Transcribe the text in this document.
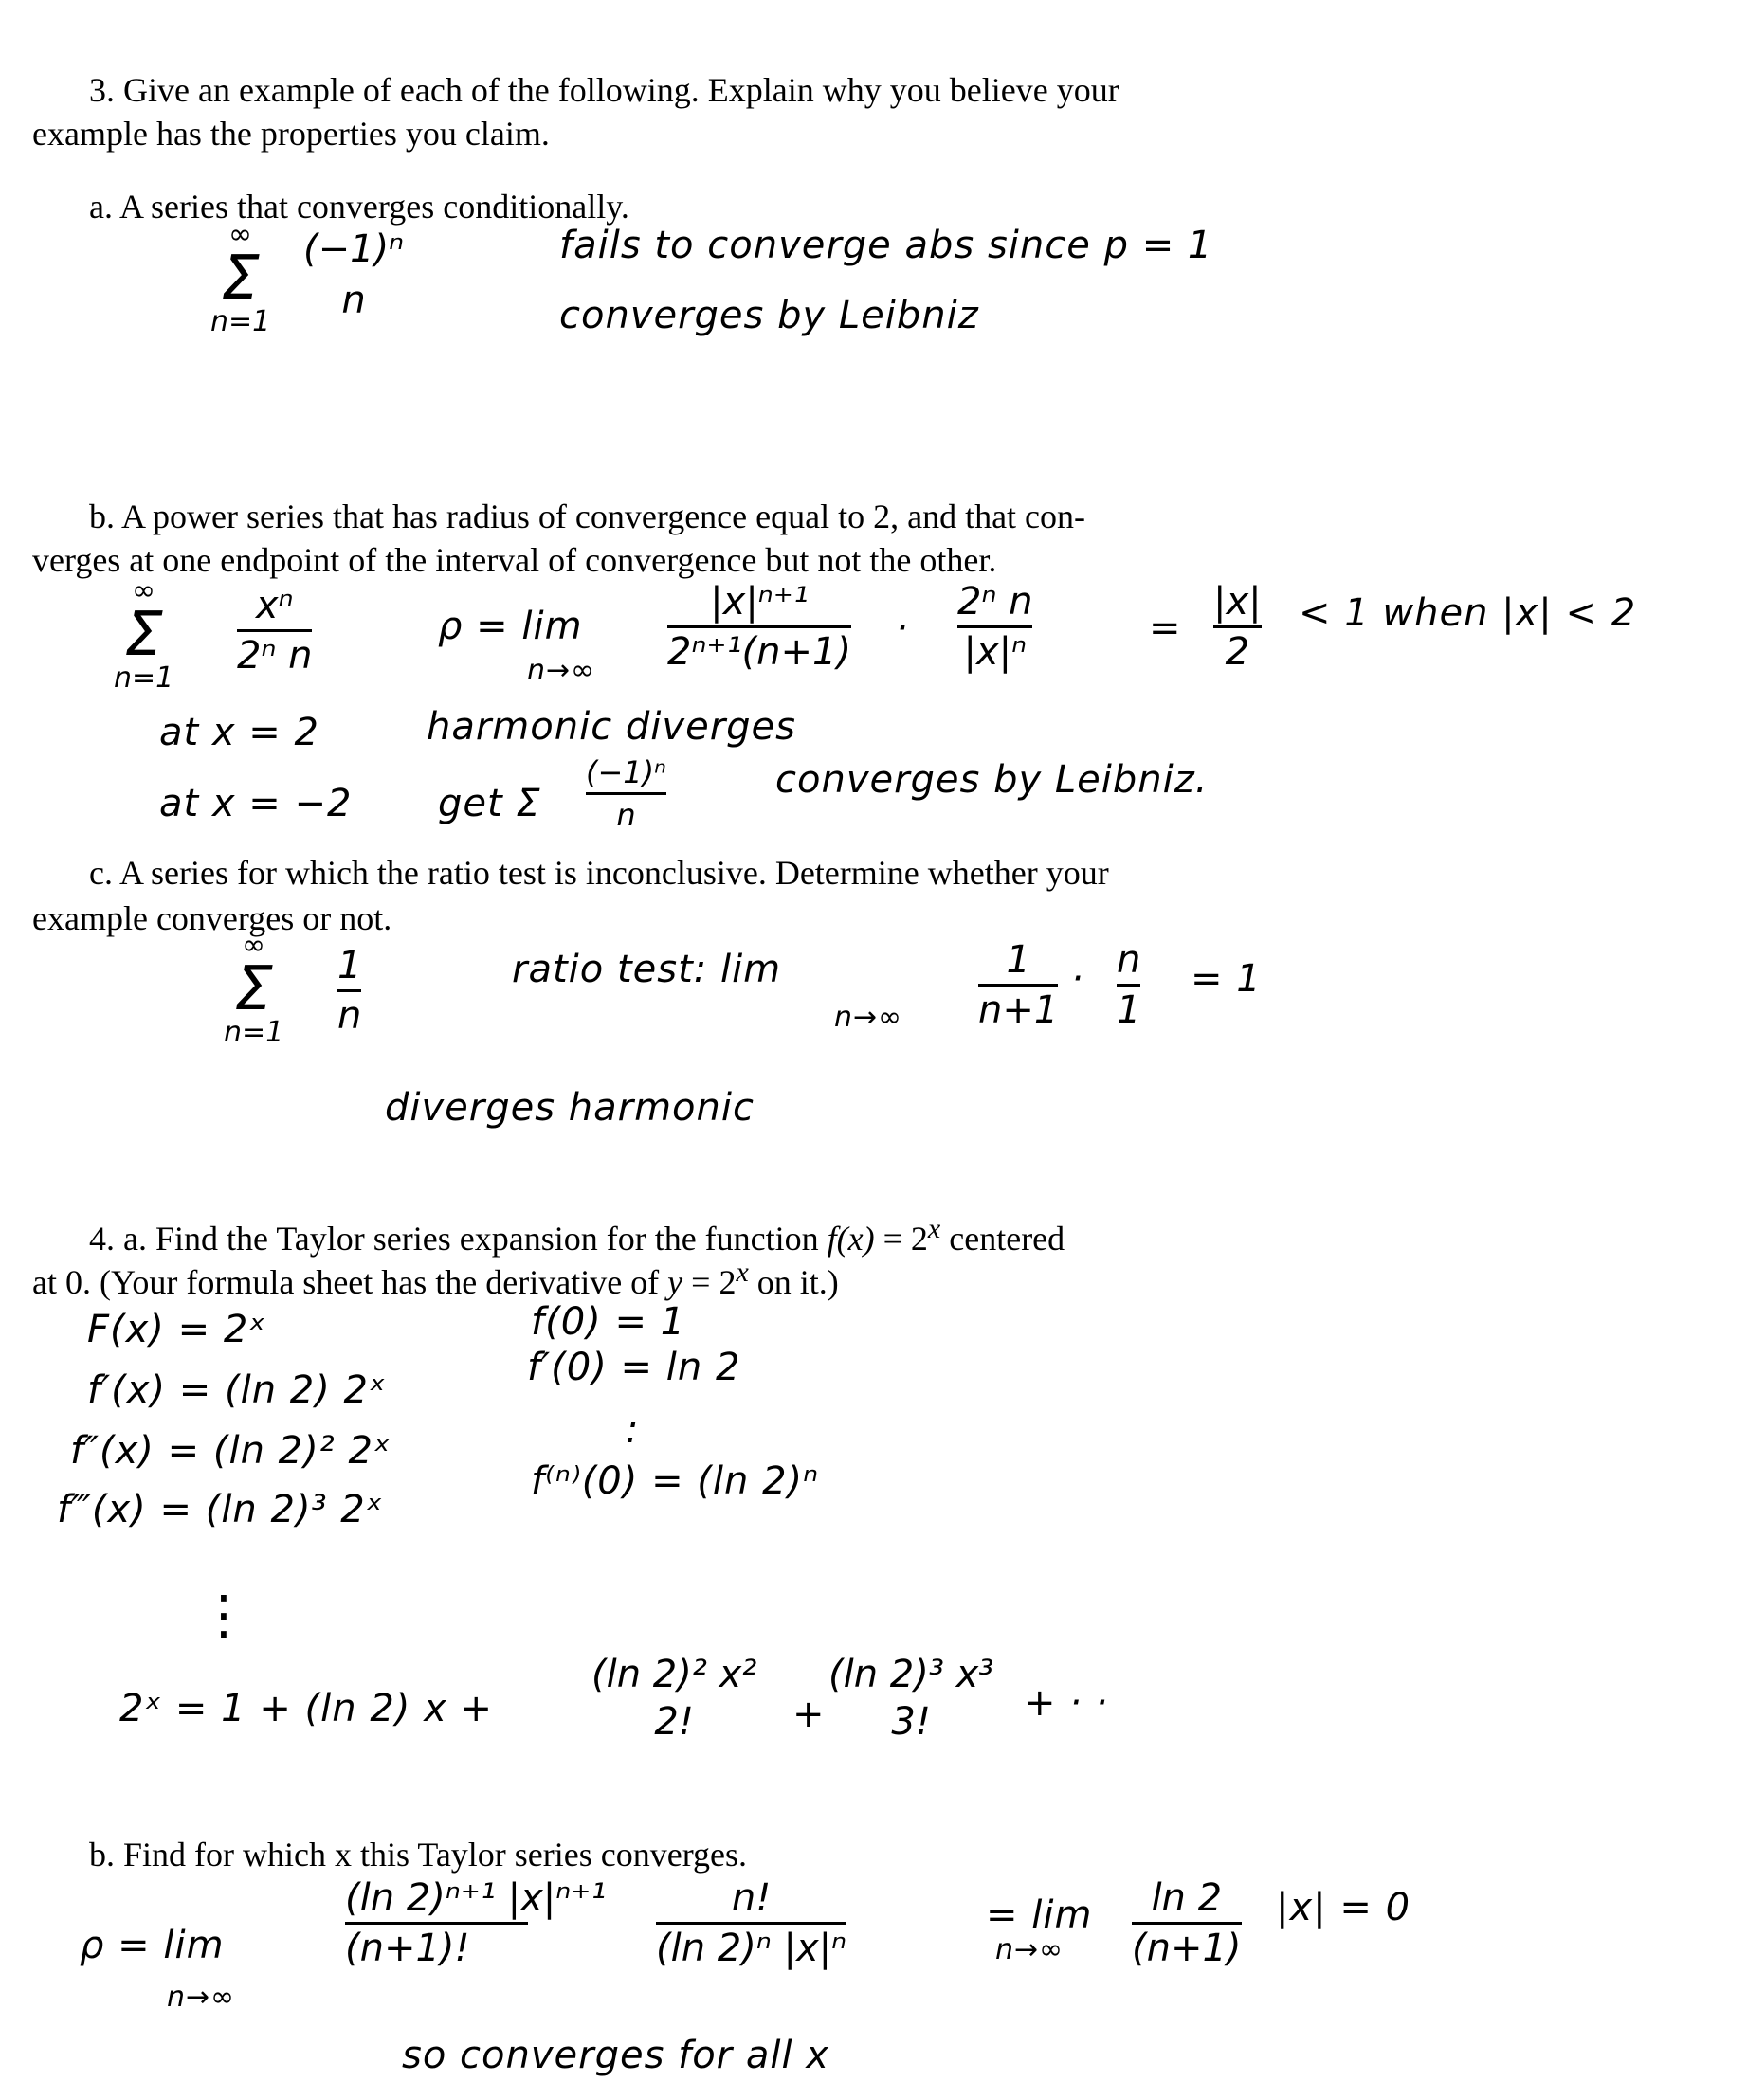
3. Give an example of each of the following. Explain why you believe your
example has the properties you claim.
a. A series that converges conditionally.
∞
Σ
n=1
(−1)ⁿ
n
fails to converge abs since p = 1
converges by Leibniz
b. A power series that has radius of convergence equal to 2, and that con-
verges at one endpoint of the interval of convergence but not the other.
∞
Σ
n=1
xⁿ
2ⁿ n
ρ = lim
n→∞
|x|ⁿ⁺¹
2ⁿ⁺¹(n+1)
·
2ⁿ n
|x|ⁿ
=
|x|
2
< 1 when |x| < 2
at x = 2	harmonic diverges
at x = −2 get Σ
(−1)ⁿ
n
converges by Leibniz.
c. A series for which the ratio test is inconclusive. Determine whether your
example converges or not.
∞
Σ
n=1
1
n
ratio test: lim
n→∞
1
n+1
· n
1
= 1
diverges harmonic
4. a. Find the Taylor series expansion for the function $f(x) = 2^x$ centered
at 0. (Your formula sheet has the derivative of $y = 2^x$ on it.)
F(x) = 2ˣ
f′(x) = (ln 2) 2ˣ
f″(x) = (ln 2)² 2ˣ
f‴(x) = (ln 2)³ 2ˣ
f(0) = 1
f′(0) = ln 2
:
f⁽ⁿ⁾(0) = (ln 2)ⁿ
⋮
2ˣ = 1 + (ln 2) x +
(ln 2)² x²
2!	+
(ln 2)³ x³
3! + · ·
b. Find for which x this Taylor series converges.
ρ = lim
n→∞
(ln 2)ⁿ⁺¹ |x|ⁿ⁺¹
(n+1)!
n!
(ln 2)ⁿ |x|ⁿ
= lim
n→∞
ln 2
(n+1)
|x| = 0
so converges for all x
